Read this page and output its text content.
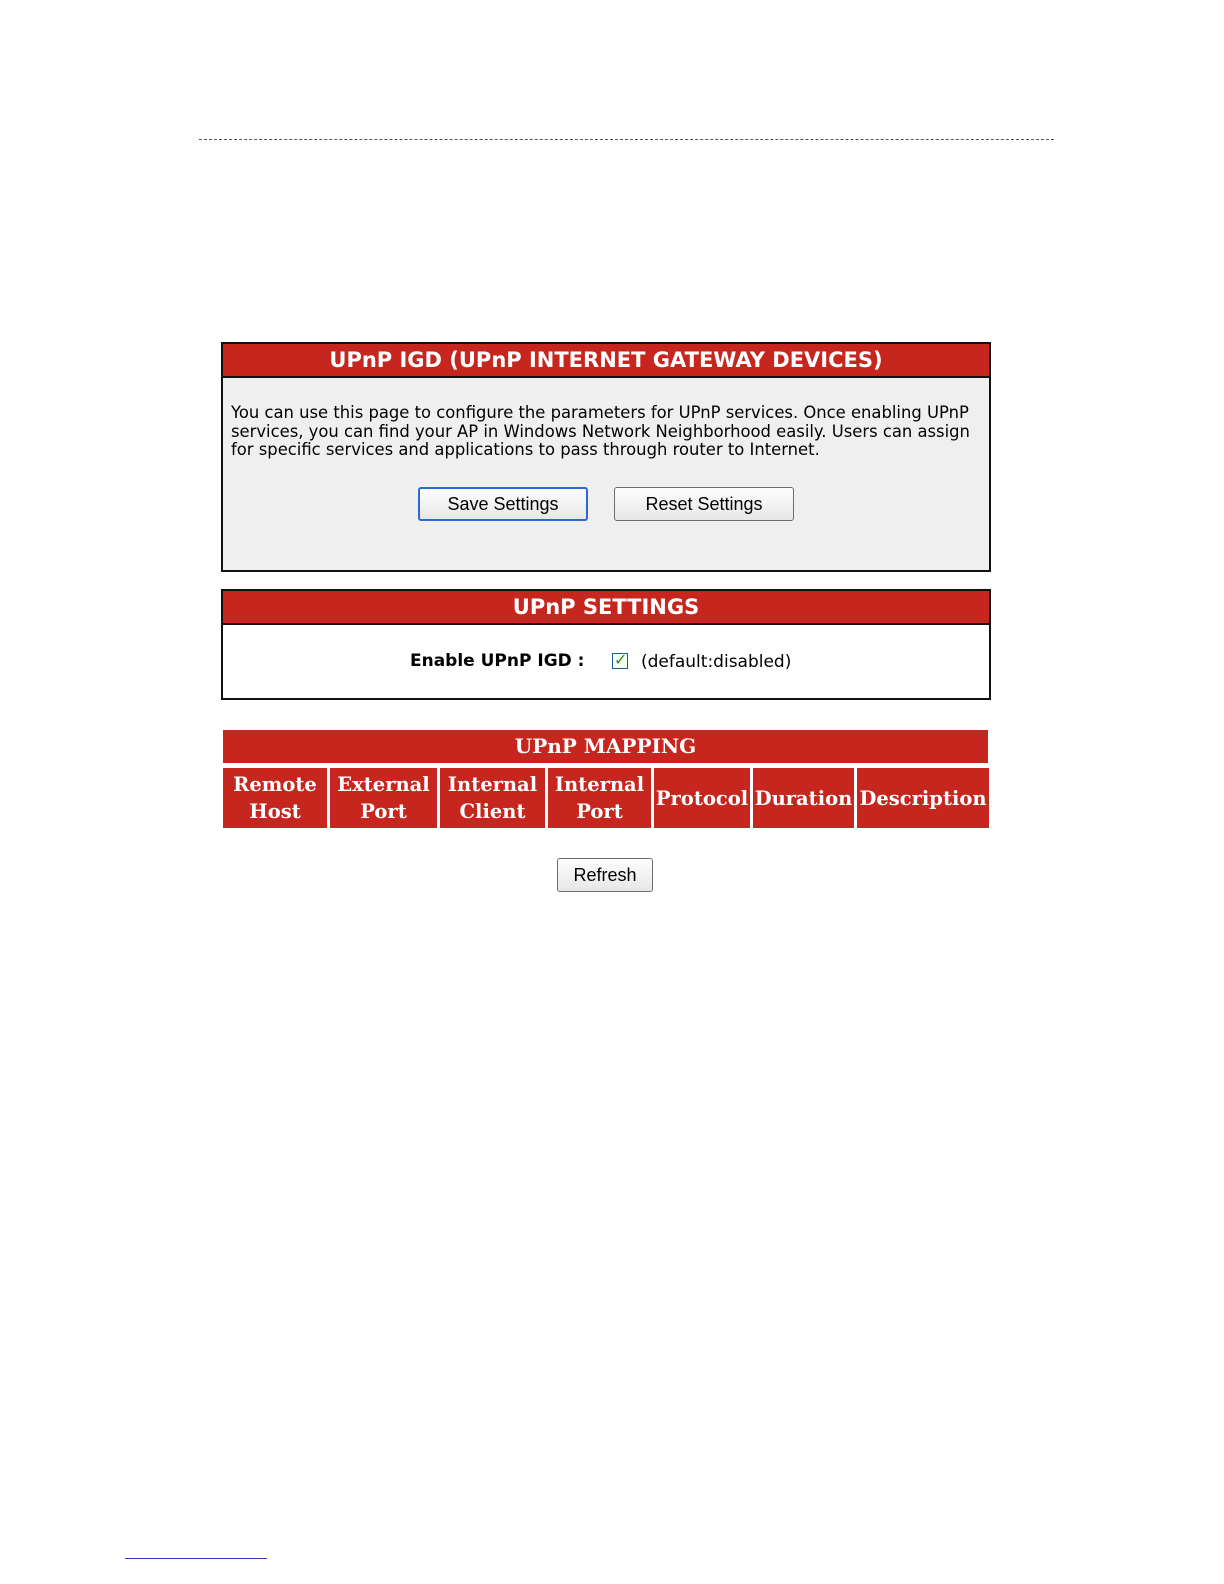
UPnP IGD (UPnP INTERNET GATEWAY DEVICES)
You can use this page to configure the parameters for UPnP services. Once enabling UPnP services, you can find your AP in Windows Network Neighborhood easily. Users can assign for specific services and applications to pass through router to Internet.
Save Settings	Reset Settings
UPnP SETTINGS
Enable UPnP IGD : ✓ (default:disabled)
UPnP MAPPING
Remote
Host
External
Port
Internal
Client
Internal
Port
Protocol Duration Description
Refresh
